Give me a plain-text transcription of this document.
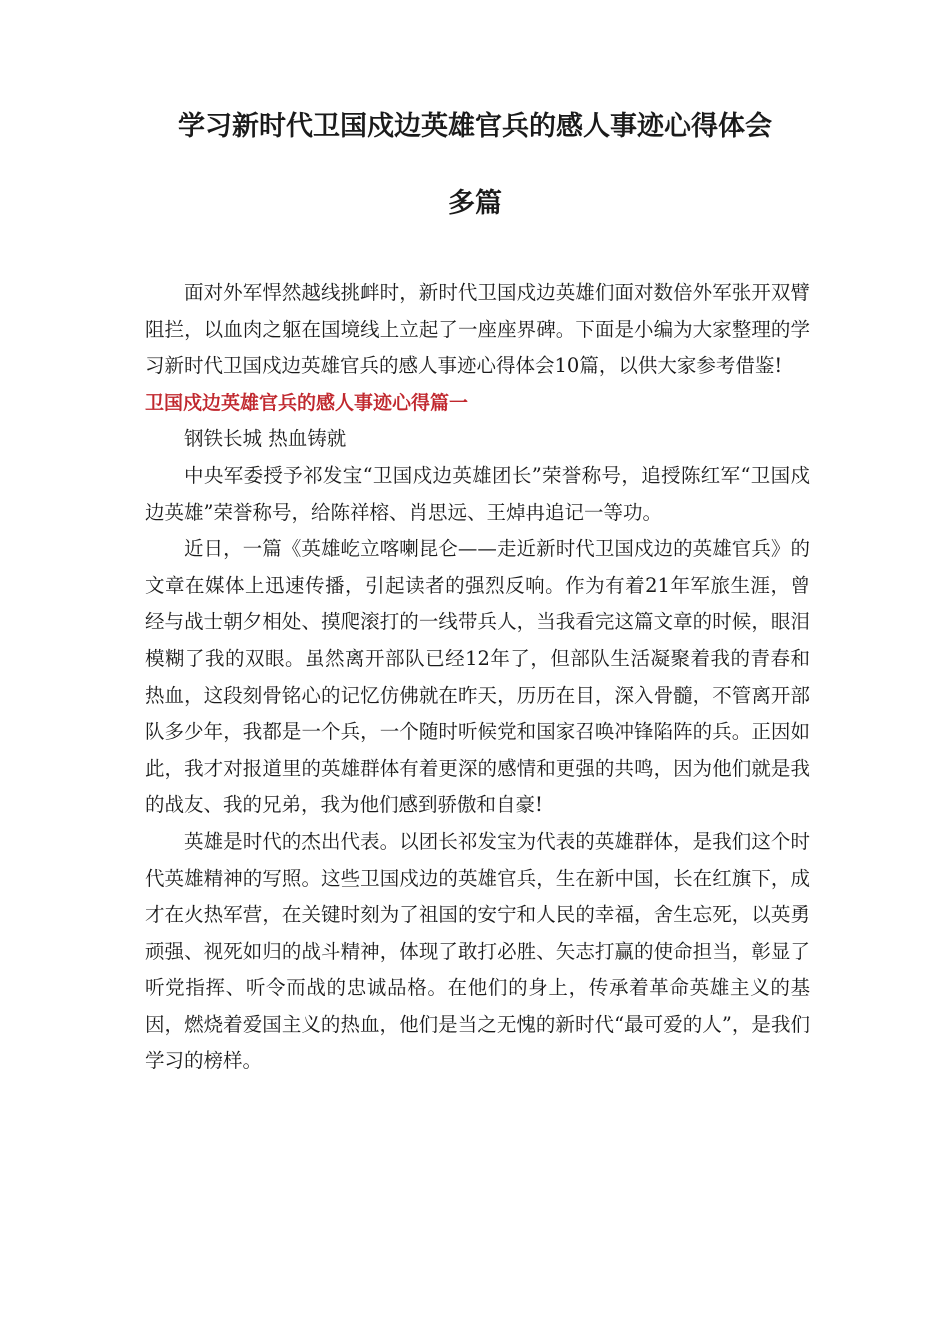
学习新时代卫国戍边英雄官兵的感人事迹心得体会
多篇

面对外军悍然越线挑衅时，新时代卫国戍边英雄们面对数倍外军张开双臂阻拦，以血肉之躯在国境线上立起了一座座界碑。下面是小编为大家整理的学习新时代卫国戍边英雄官兵的感人事迹心得体会10篇，以供大家参考借鉴!

卫国戍边英雄官兵的感人事迹心得篇一

钢铁长城 热血铸就

中央军委授予祁发宝“卫国戍边英雄团长”荣誉称号，追授陈红军“卫国戍边英雄”荣誉称号，给陈祥榕、肖思远、王焯冉追记一等功。

近日，一篇《英雄屹立喀喇昆仑——走近新时代卫国戍边的英雄官兵》的文章在媒体上迅速传播，引起读者的强烈反响。作为有着21年军旅生涯，曾经与战士朝夕相处、摸爬滚打的一线带兵人，当我看完这篇文章的时候，眼泪模糊了我的双眼。虽然离开部队已经12年了，但部队生活凝聚着我的青春和热血，这段刻骨铭心的记忆仿佛就在昨天，历历在目，深入骨髓，不管离开部队多少年，我都是一个兵，一个随时听候党和国家召唤冲锋陷阵的兵。正因如此，我才对报道里的英雄群体有着更深的感情和更强的共鸣，因为他们就是我的战友、我的兄弟，我为他们感到骄傲和自豪!

英雄是时代的杰出代表。以团长祁发宝为代表的英雄群体，是我们这个时代英雄精神的写照。这些卫国戍边的英雄官兵，生在新中国，长在红旗下，成才在火热军营，在关键时刻为了祖国的安宁和人民的幸福，舍生忘死，以英勇顽强、视死如归的战斗精神，体现了敢打必胜、矢志打赢的使命担当，彰显了听党指挥、听令而战的忠诚品格。在他们的身上，传承着革命英雄主义的基因，燃烧着爱国主义的热血，他们是当之无愧的新时代“最可爱的人”，是我们学习的榜样。
